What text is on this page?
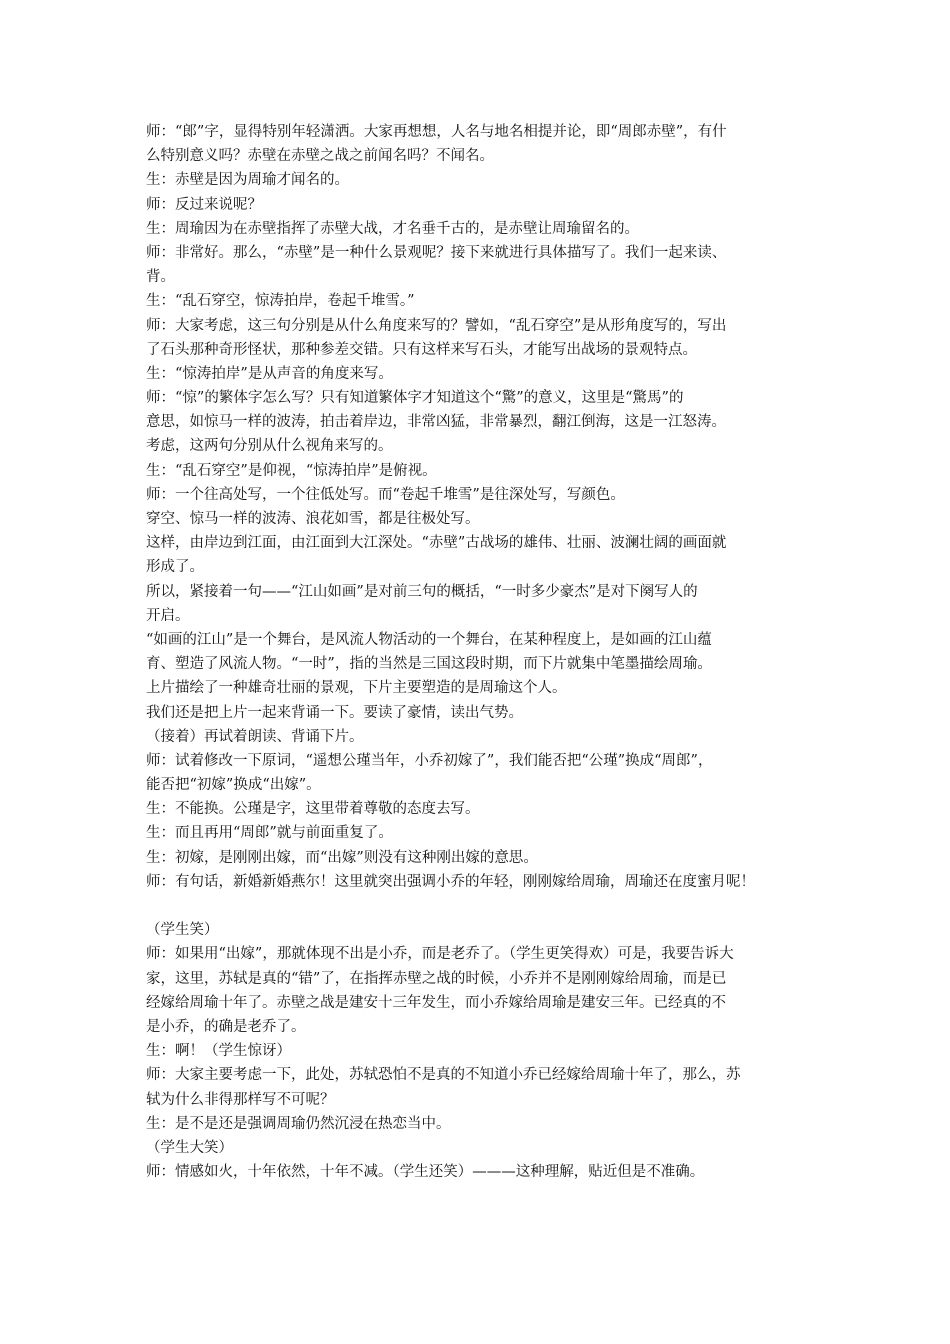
师：“郎”字，显得特别年轻潇洒。大家再想想，人名与地名相提并论，即“周郎赤壁”，有什
么特别意义吗？赤壁在赤壁之战之前闻名吗？不闻名。
生：赤壁是因为周瑜才闻名的。
师：反过来说呢？
生：周瑜因为在赤壁指挥了赤壁大战，才名垂千古的，是赤壁让周瑜留名的。
师：非常好。那么，“赤壁”是一种什么景观呢？接下来就进行具体描写了。我们一起来读、
背。
生：“乱石穿空，惊涛拍岸，卷起千堆雪。”
师：大家考虑，这三句分别是从什么角度来写的？譬如，“乱石穿空”是从形角度写的，写出
了石头那种奇形怪状，那种参差交错。只有这样来写石头，才能写出战场的景观特点。
生：“惊涛拍岸”是从声音的角度来写。
师：“惊”的繁体字怎么写？只有知道繁体字才知道这个“驚”的意义，这里是“驚馬”的
意思，如惊马一样的波涛，拍击着岸边，非常凶猛，非常暴烈，翻江倒海，这是一江怒涛。
考虑，这两句分别从什么视角来写的。
生：“乱石穿空”是仰视，“惊涛拍岸”是俯视。
师：一个往高处写，一个往低处写。而“卷起千堆雪”是往深处写，写颜色。
穿空、惊马一样的波涛、浪花如雪，都是往极处写。
这样，由岸边到江面，由江面到大江深处。“赤壁”古战场的雄伟、壮丽、波澜壮阔的画面就
形成了。
所以，紧接着一句——“江山如画”是对前三句的概括，“一时多少豪杰”是对下阕写人的
开启。
“如画的江山”是一个舞台，是风流人物活动的一个舞台，在某种程度上，是如画的江山蕴
育、塑造了风流人物。“一时”，指的当然是三国这段时期，而下片就集中笔墨描绘周瑜。
上片描绘了一种雄奇壮丽的景观，下片主要塑造的是周瑜这个人。
我们还是把上片一起来背诵一下。要读了豪情，读出气势。
（接着）再试着朗读、背诵下片。
师：试着修改一下原词，“遥想公瑾当年，小乔初嫁了”，我们能否把“公瑾”换成“周郎”，
能否把“初嫁”换成“出嫁”。
生：不能换。公瑾是字，这里带着尊敬的态度去写。
生：而且再用“周郎”就与前面重复了。
生：初嫁，是刚刚出嫁，而“出嫁”则没有这种刚出嫁的意思。
师：有句话，新婚新婚燕尔！这里就突出强调小乔的年轻，刚刚嫁给周瑜，周瑜还在度蜜月呢！
（学生笑）
师：如果用“出嫁”，那就体现不出是小乔，而是老乔了。（学生更笑得欢）可是，我要告诉大
家，这里，苏轼是真的“错”了，在指挥赤壁之战的时候，小乔并不是刚刚嫁给周瑜，而是已
经嫁给周瑜十年了。赤壁之战是建安十三年发生，而小乔嫁给周瑜是建安三年。已经真的不
是小乔，的确是老乔了。
生：啊！（学生惊讶）
师：大家主要考虑一下，此处，苏轼恐怕不是真的不知道小乔已经嫁给周瑜十年了，那么，苏
轼为什么非得那样写不可呢？
生：是不是还是强调周瑜仍然沉浸在热恋当中。
（学生大笑）
师：情感如火，十年依然，十年不减。（学生还笑）———这种理解，贴近但是不准确。
